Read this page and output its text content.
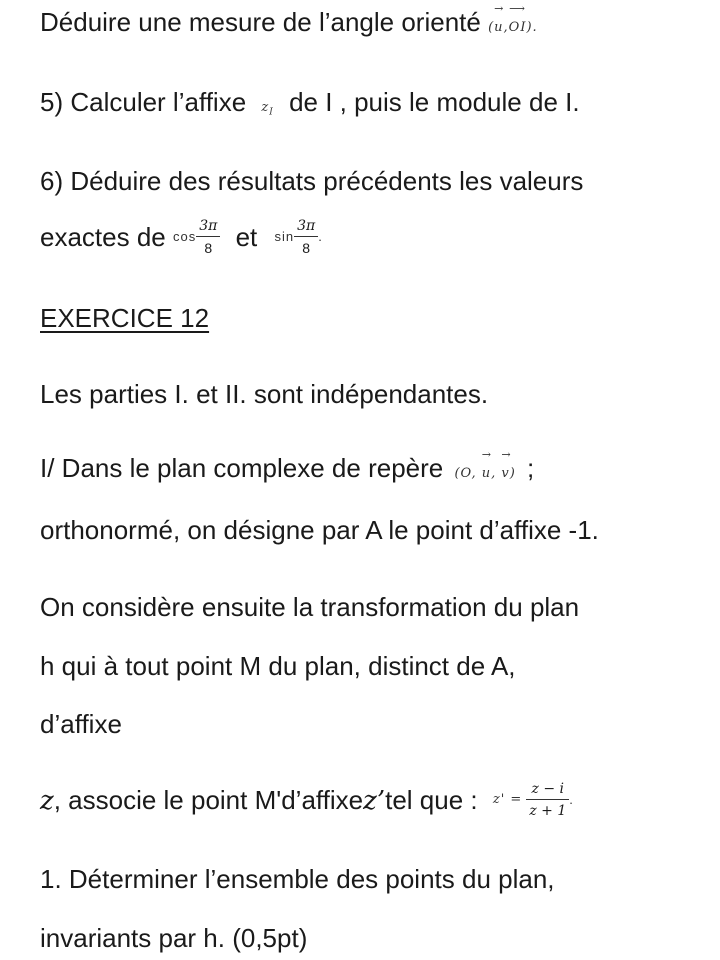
Déduire une mesure de l’angle orienté (
→
u,
⟶
OI).
5) Calculer l’affixe $z_I$ de I , puis le module de I.
6) Déduire des résultats précédents les valeurs
exactes de $\cos \frac{3\pi}{8}$ et $\sin \frac{3\pi}{8}$ .
EXERCICE 12
Les parties I. et II. sont indépendantes.
I/ Dans le plan complexe de repère (O,
→
u,
→
v) ;
orthonormé, on désigne par A le point d’affixe -1.
On considère ensuite la transformation du plan
h qui à tout point M du plan, distinct de A,
d’affixe
z, associe le point M'd’affixez’tel que : $z' = \frac{z - i}{z + 1}$ .
1. Déterminer l’ensemble des points du plan,
invariants par h. (0,5pt)
